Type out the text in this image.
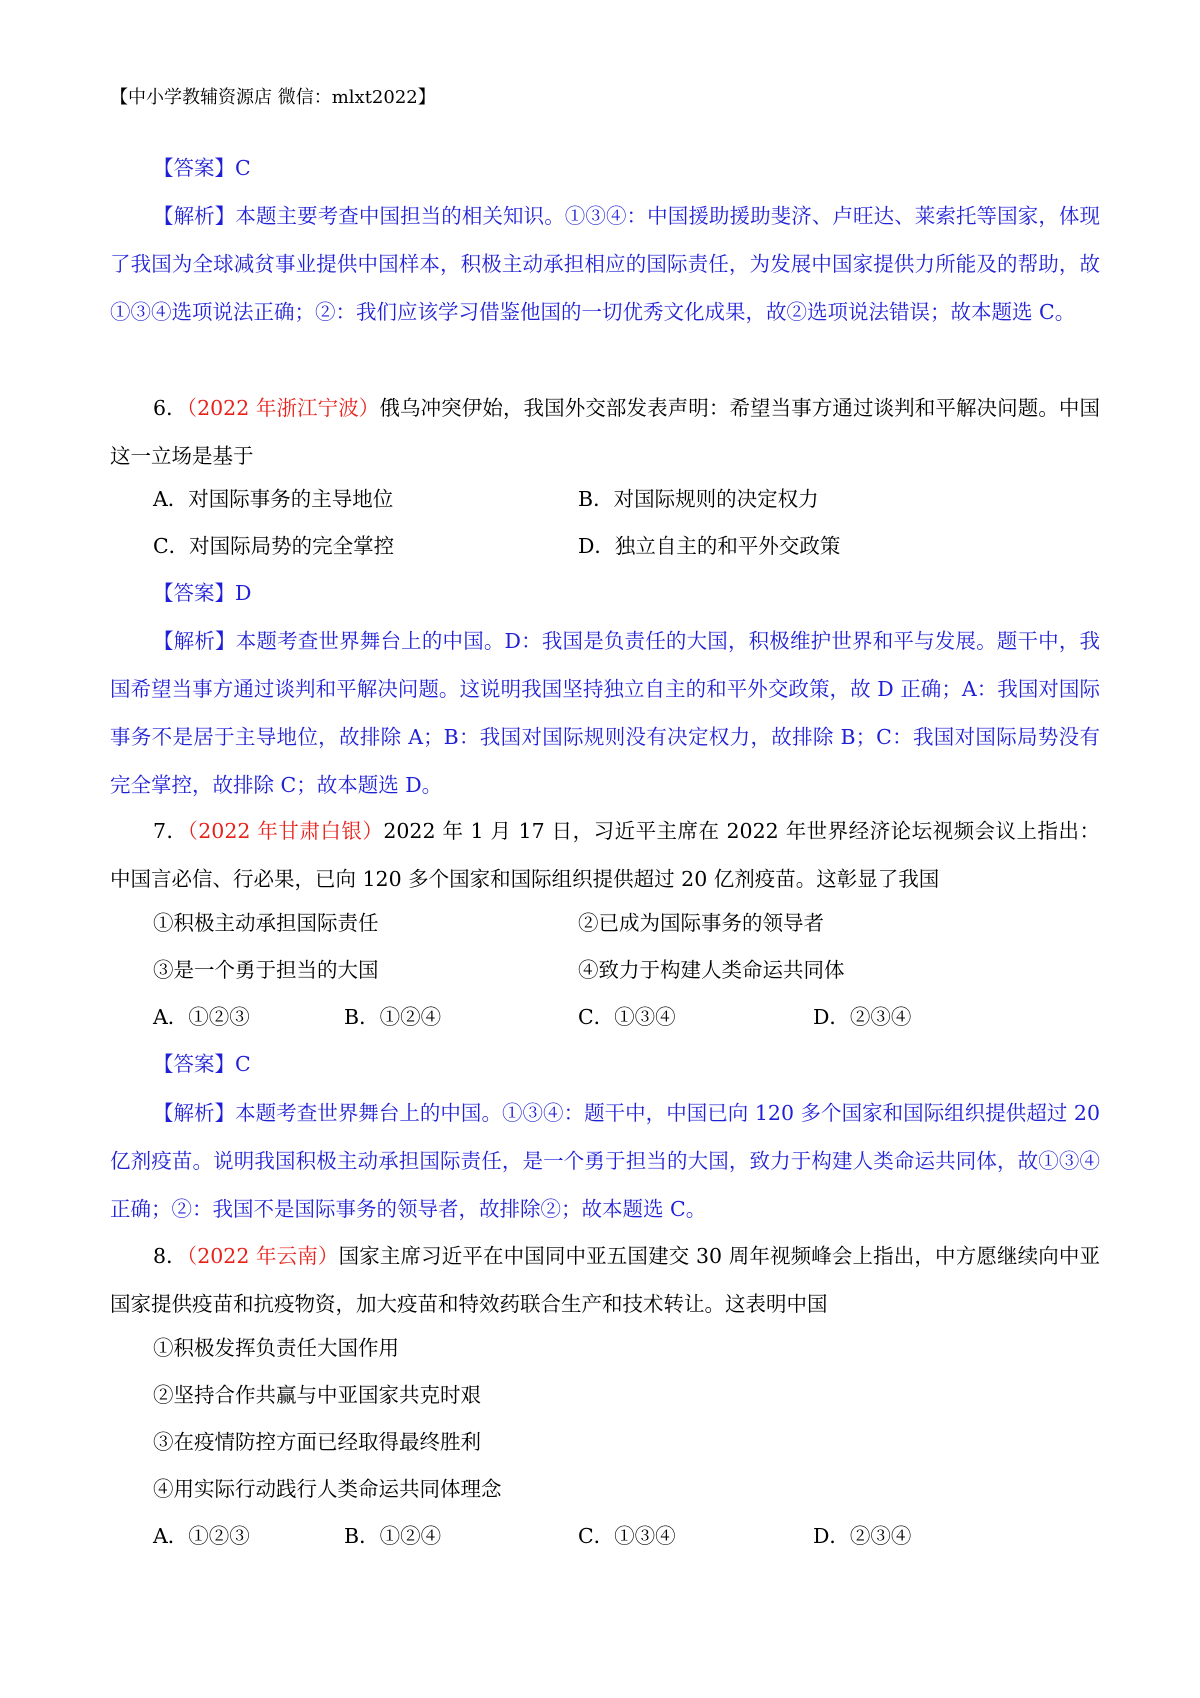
【中小学教辅资源店 微信：mlxt2022】
【答案】C
【解析】本题主要考查中国担当的相关知识。①③④：中国援助援助斐济、卢旺达、莱索托等国家，体现了我国为全球减贫事业提供中国样本，积极主动承担相应的国际责任，为发展中国家提供力所能及的帮助，故①③④选项说法正确；②：我们应该学习借鉴他国的一切优秀文化成果，故②选项说法错误；故本题选 C。
6．（2022 年浙江宁波）俄乌冲突伊始，我国外交部发表声明：希望当事方通过谈判和平解决问题。中国这一立场是基于
A．对国际事务的主导地位	B．对国际规则的决定权力
C．对国际局势的完全掌控	D．独立自主的和平外交政策
【答案】D
【解析】本题考查世界舞台上的中国。D：我国是负责任的大国，积极维护世界和平与发展。题干中，我国希望当事方通过谈判和平解决问题。这说明我国坚持独立自主的和平外交政策，故 D 正确；A：我国对国际事务不是居于主导地位，故排除 A；B：我国对国际规则没有决定权力，故排除 B；C：我国对国际局势没有完全掌控，故排除 C；故本题选 D。
7．（2022 年甘肃白银）2022 年 1 月 17 日，习近平主席在 2022 年世界经济论坛视频会议上指出：中国言必信、行必果，已向 120 多个国家和国际组织提供超过 20 亿剂疫苗。这彰显了我国
①积极主动承担国际责任	②已成为国际事务的领导者
③是一个勇于担当的大国	④致力于构建人类命运共同体
A．①②③	B．①②④	C．①③④	D．②③④
【答案】C
【解析】本题考查世界舞台上的中国。①③④：题干中，中国已向 120 多个国家和国际组织提供超过 20 亿剂疫苗。说明我国积极主动承担国际责任，是一个勇于担当的大国，致力于构建人类命运共同体，故①③④正确；②：我国不是国际事务的领导者，故排除②；故本题选 C。
8．（2022 年云南）国家主席习近平在中国同中亚五国建交 30 周年视频峰会上指出，中方愿继续向中亚国家提供疫苗和抗疫物资，加大疫苗和特效药联合生产和技术转让。这表明中国
①积极发挥负责任大国作用
②坚持合作共赢与中亚国家共克时艰
③在疫情防控方面已经取得最终胜利
④用实际行动践行人类命运共同体理念
A．①②③	B．①②④	C．①③④	D．②③④
